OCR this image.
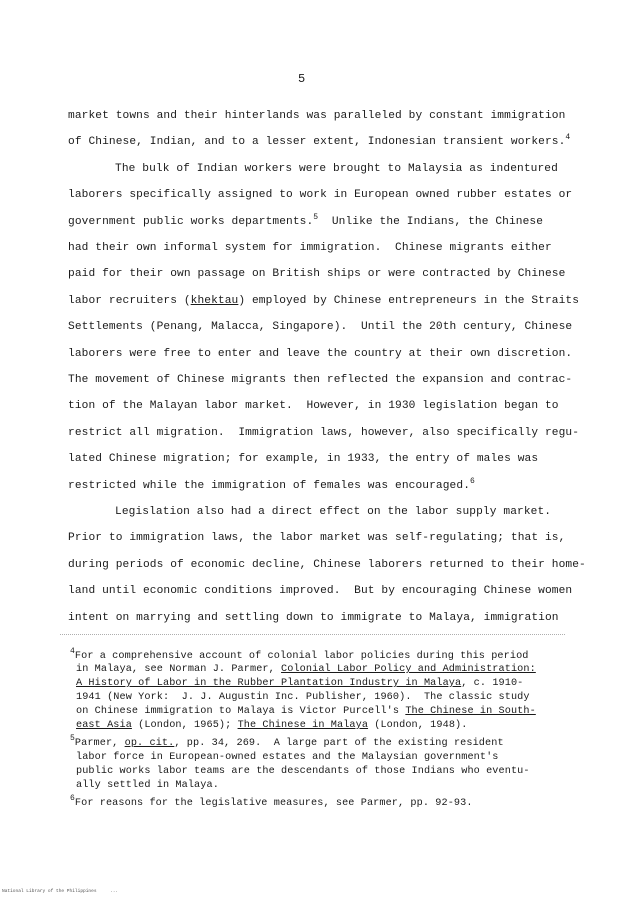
5
market towns and their hinterlands was paralleled by constant immigration
of Chinese, Indian, and to a lesser extent, Indonesian transient workers.$^4$
The bulk of Indian workers were brought to Malaysia as indentured
laborers specifically assigned to work in European owned rubber estates or
government public works departments.$^5$  Unlike the Indians, the Chinese
had their own informal system for immigration.  Chinese migrants either
paid for their own passage on British ships or were contracted by Chinese
labor recruiters (khektau) employed by Chinese entrepreneurs in the Straits
Settlements (Penang, Malacca, Singapore).  Until the 20th century, Chinese
laborers were free to enter and leave the country at their own discretion.
The movement of Chinese migrants then reflected the expansion and contrac-
tion of the Malayan labor market.  However, in 1930 legislation began to
restrict all migration.  Immigration laws, however, also specifically regu-
lated Chinese migration; for example, in 1933, the entry of males was
restricted while the immigration of females was encouraged.$^6$
Legislation also had a direct effect on the labor supply market.
Prior to immigration laws, the labor market was self-regulating; that is,
during periods of economic decline, Chinese laborers returned to their home-
land until economic conditions improved.  But by encouraging Chinese women
intent on marrying and settling down to immigrate to Malaya, immigration
$^4$For a comprehensive account of colonial labor policies during this period
in Malaya, see Norman J. Parmer, Colonial Labor Policy and Administration:
A History of Labor in the Rubber Plantation Industry in Malaya, c. 1910-
1941 (New York:  J. J. Augustin Inc. Publisher, 1960).  The classic study
on Chinese immigration to Malaya is Victor Purcell's The Chinese in South-
east Asia (London, 1965); The Chinese in Malaya (London, 1948).
$^5$Parmer, op. cit., pp. 34, 269.  A large part of the existing resident
labor force in European-owned estates and the Malaysian government's
public works labor teams are the descendants of those Indians who eventu-
ally settled in Malaya.
$^6$For reasons for the legislative measures, see Parmer, pp. 92-93.
National Library of the Philippines     ...
